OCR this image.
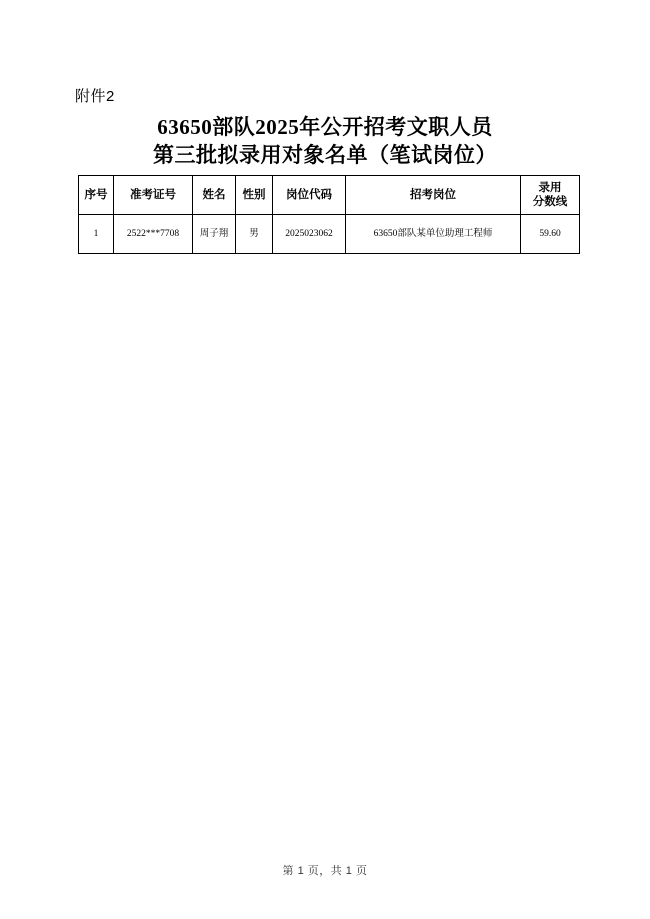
附件2
63650部队2025年公开招考文职人员
第三批拟录用对象名单（笔试岗位）
序号	准考证号	姓名	性别	岗位代码	招考岗位	录用
分数线

1	2522***7708	周子翔	男	2025023062	63650部队某单位助理工程师	59.60
第 1 页，共 1 页
